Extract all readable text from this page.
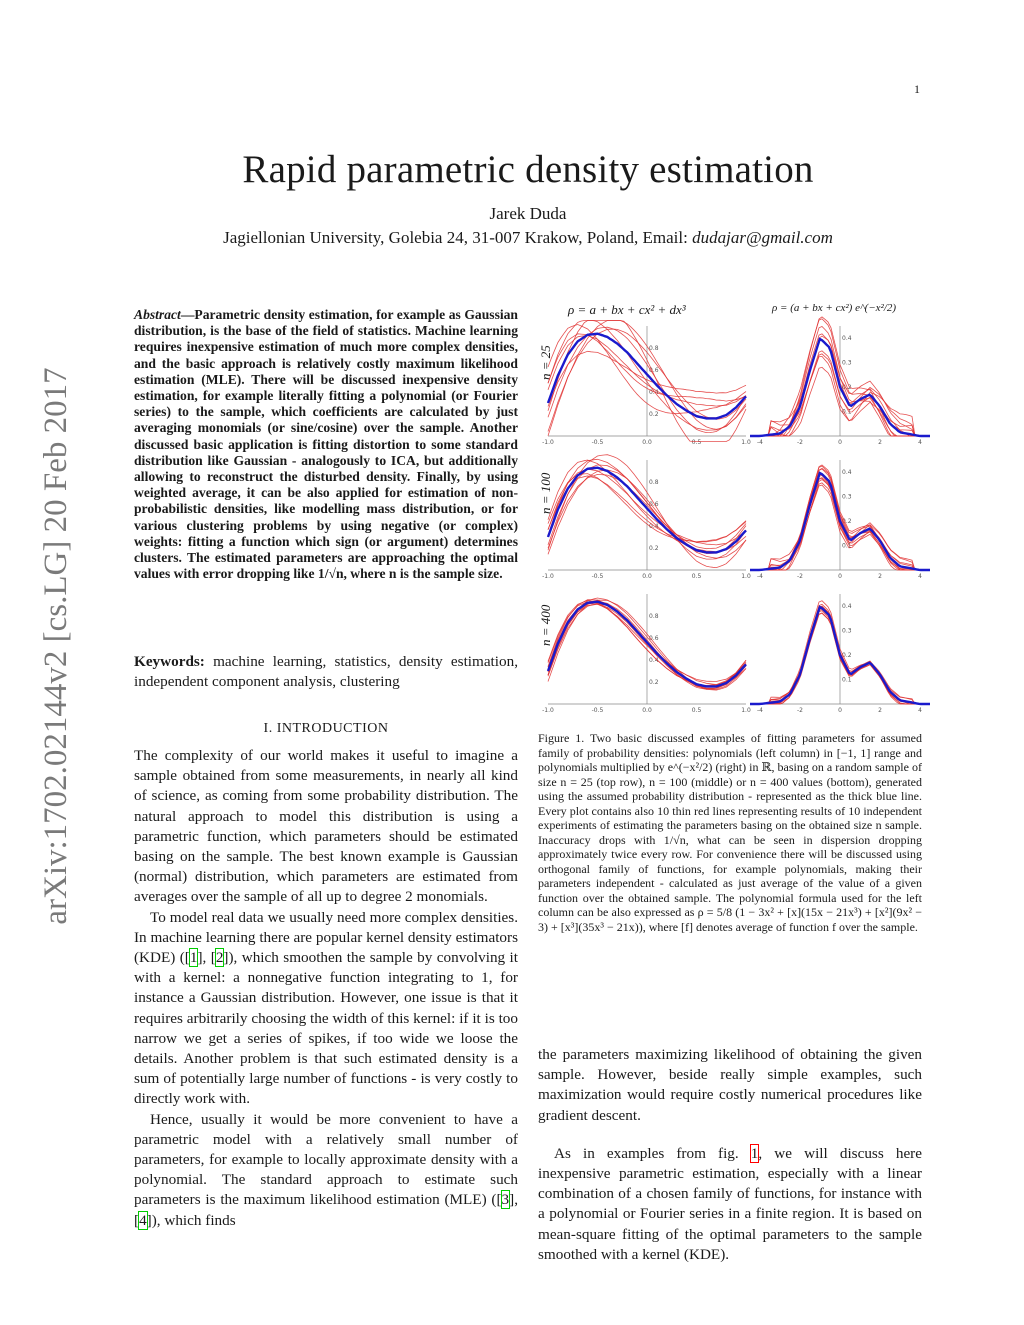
1
Rapid parametric density estimation
Jarek Duda
Jagiellonian University, Golebia 24, 31-007 Krakow, Poland, Email: dudajar@gmail.com
arXiv:1702.02144v2 [cs.LG] 20 Feb 2017
Abstract—Parametric density estimation, for example as Gaussian distribution, is the base of the field of statistics. Machine learning requires inexpensive estimation of much more complex densities, and the basic approach is relatively costly maximum likelihood estimation (MLE). There will be discussed inexpensive density estimation, for example literally fitting a polynomial (or Fourier series) to the sample, which coefficients are calculated by just averaging monomials (or sine/cosine) over the sample. Another discussed basic application is fitting distortion to some standard distribution like Gaussian - analogously to ICA, but additionally allowing to reconstruct the disturbed density. Finally, by using weighted average, it can be also applied for estimation of non-probabilistic densities, like modelling mass distribution, or for various clustering problems by using negative (or complex) weights: fitting a function which sign (or argument) determines clusters. The estimated parameters are approaching the optimal values with error dropping like 1/√n, where n is the sample size.
Keywords: machine learning, statistics, density estimation, independent component analysis, clustering
I. INTRODUCTION

The complexity of our world makes it useful to imagine a sample obtained from some measurements, in nearly all kind of science, as coming from some probability distribution. The natural approach to model this distribution is using a parametric function, which parameters should be estimated basing on the sample. The best known example is Gaussian (normal) distribution, which parameters are estimated from averages over the sample of all up to degree 2 monomials.

To model real data we usually need more complex densities. In machine learning there are popular kernel density estimators (KDE) ([1], [2]), which smoothen the sample by convolving it with a kernel: a nonnegative function integrating to 1, for instance a Gaussian distribution. However, one issue is that it requires arbitrarily choosing the width of this kernel: if it is too narrow we get a series of spikes, if too wide we loose the details. Another problem is that such estimated density is a sum of potentially large number of functions - is very costly to directly work with.

Hence, usually it would be more convenient to have a parametric model with a relatively small number of parameters, for example to locally approximate density with a polynomial. The standard approach to estimate such parameters is the maximum likelihood estimation (MLE) ([3], [4]), which finds

ρ = a + bx + cx² + dx³	ρ = (a + bx + cx²) e^(−x²/2)
n = 25
n = 100
n = 400
-1.0	-0.5	0.0	0.5	1.0
0.2
0.4
0.6
0.8
-4	-2	0	2	4
0.1
0.2
0.3
0.4
-1.0	-0.5	0.0	0.5	1.0
0.2
0.4
0.6
0.8
-4	-2	0	2	4
0.1
0.2
0.3
0.4
-1.0	-0.5	0.0	0.5	1.0
0.2
0.4
0.6
0.8
-4	-2	0	2	4
0.1
0.2
0.3
0.4
Figure 1. Two basic discussed examples of fitting parameters for assumed family of probability densities: polynomials (left column) in [−1, 1] range and polynomials multiplied by e^(−x²/2) (right) in ℝ, basing on a random sample of size n = 25 (top row), n = 100 (middle) or n = 400 values (bottom), generated using the assumed probability distribution - represented as the thick blue line. Every plot contains also 10 thin red lines representing results of 10 independent experiments of estimating the parameters basing on the obtained size n sample. Inaccuracy drops with 1/√n, what can be seen in dispersion dropping approximately twice every row. For convenience there will be discussed using orthogonal family of functions, for example polynomials, making their parameters independent - calculated as just average of the value of a given function over the obtained sample. The polynomial formula used for the left column can be also expressed as ρ = 5/8 (1 − 3x² + [x](15x − 21x³) + [x²](9x² − 3) + [x³](35x³ − 21x)), where [f] denotes average of function f over the sample.

the parameters maximizing likelihood of obtaining the given sample. However, beside really simple examples, such maximization would require costly numerical procedures like gradient descent.

As in examples from fig. 1, we will discuss here inexpensive parametric estimation, especially with a linear combination of a chosen family of functions, for instance with a polynomial or Fourier series in a finite region. It is based on mean-square fitting of the optimal parameters to the sample smoothed with a kernel (KDE).
